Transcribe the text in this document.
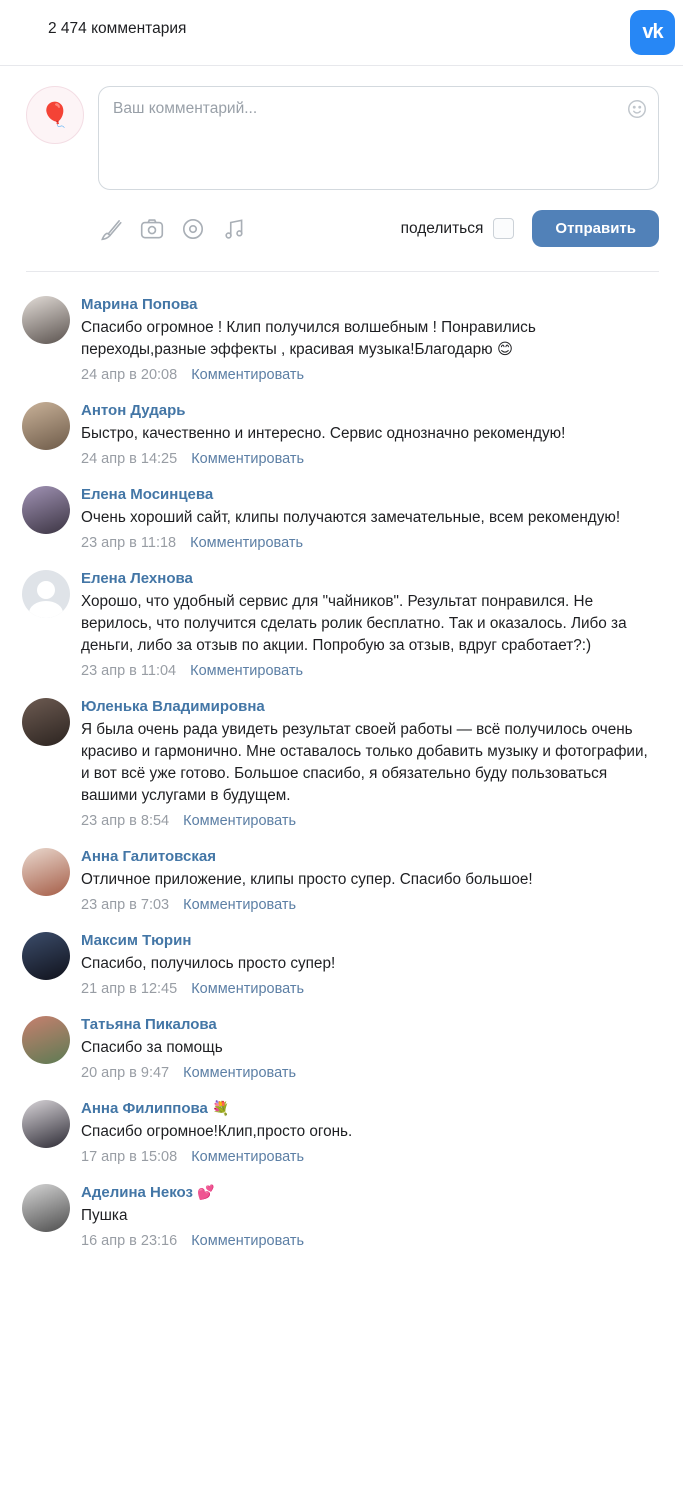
2 474 комментария	vk
🎈
Ваш комментарий...
поделиться	Отправить
Марина Попова
Спасибо огромное ! Клип получился волшебным ! Понравились переходы,разные эффекты , красивая музыка!Благодарю 😊
24 апр в 20:08 Комментировать
Антон Дударь
Быстро, качественно и интересно. Сервис однозначно рекомендую!
24 апр в 14:25 Комментировать
Елена Мосинцева
Очень хороший сайт, клипы получаются замечательные, всем рекомендую!
23 апр в 11:18 Комментировать
Елена Лехнова
Хорошо, что удобный сервис для "чайников". Результат понравился. Не верилось, что получится сделать ролик бесплатно. Так и оказалось. Либо за деньги, либо за отзыв по акции. Попробую за отзыв, вдруг сработает?:)
23 апр в 11:04 Комментировать
Юленька Владимировна
Я была очень рада увидеть результат своей работы — всё получилось очень красиво и гармонично. Мне оставалось только добавить музыку и фотографии, и вот всё уже готово. Большое спасибо, я обязательно буду пользоваться вашими услугами в будущем.
23 апр в 8:54 Комментировать
Анна Галитовская
Отличное приложение, клипы просто супер. Спасибо большое!
23 апр в 7:03 Комментировать
Максим Тюрин
Спасибо, получилось просто супер!
21 апр в 12:45 Комментировать
Татьяна Пикалова
Спасибо за помощь
20 апр в 9:47 Комментировать
Анна Филиппова 💐
Спасибо огромное!Клип,просто огонь.
17 апр в 15:08 Комментировать
Аделина Некоз 💕
Пушка
16 апр в 23:16 Комментировать
